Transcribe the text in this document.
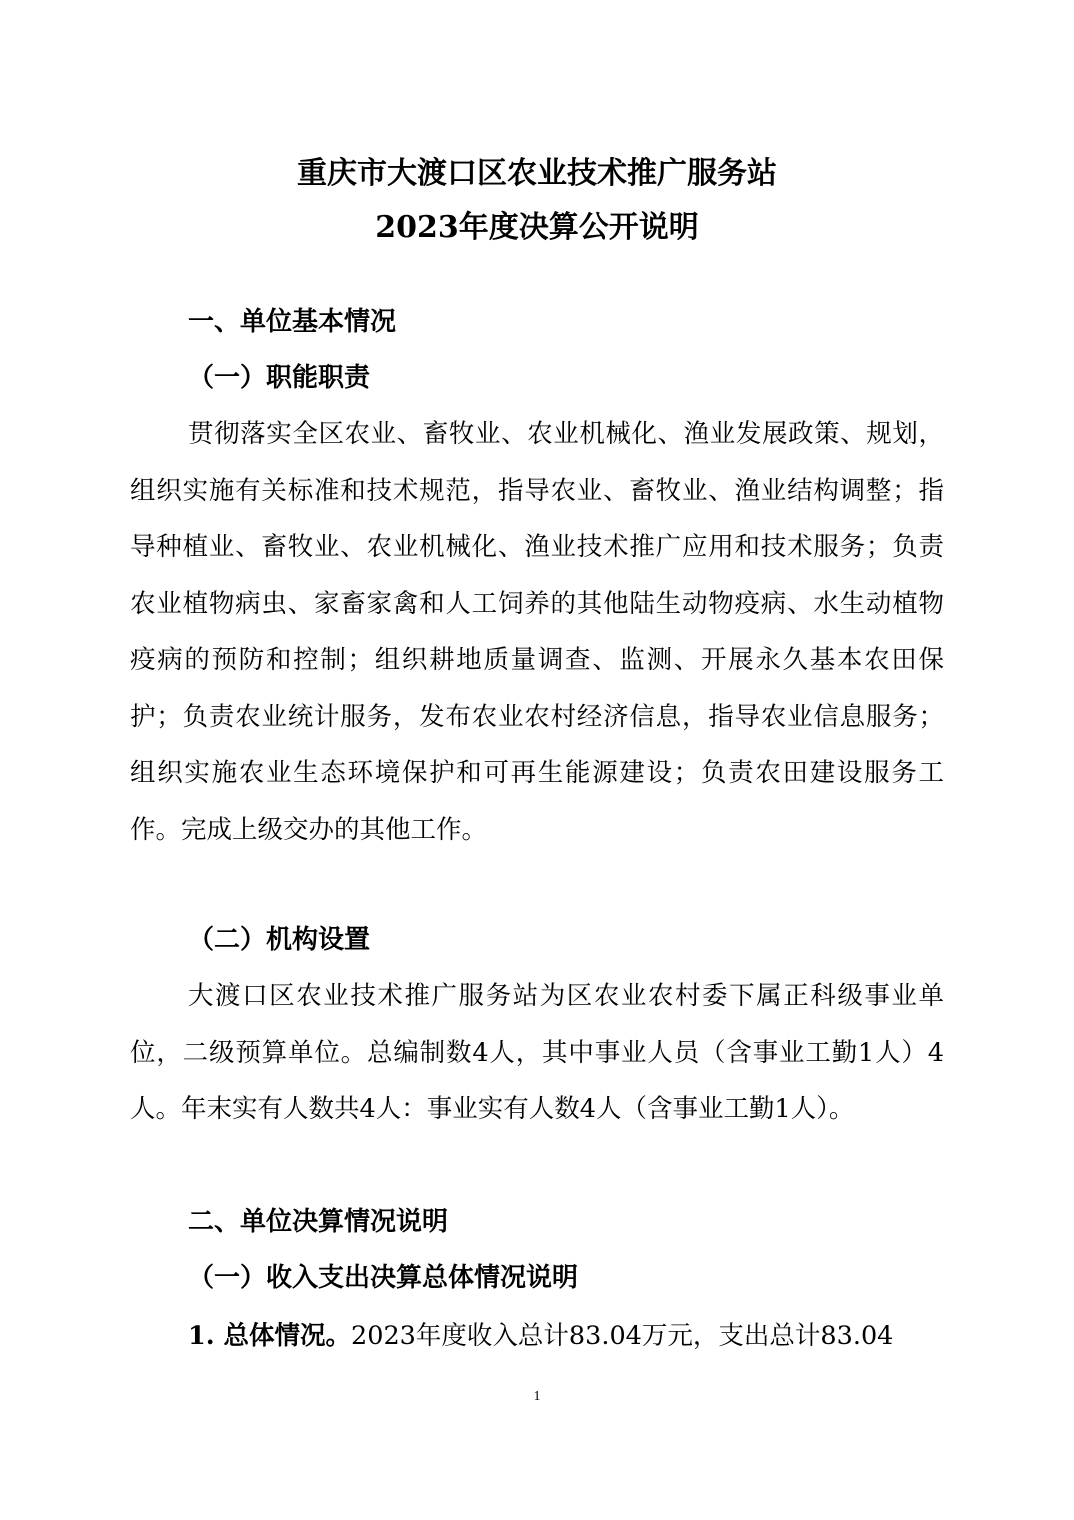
重庆市大渡口区农业技术推广服务站
2023年度决算公开说明
一、单位基本情况
（一）职能职责

贯彻落实全区农业、畜牧业、农业机械化、渔业发展政策、规划，组织实施有关标准和技术规范，指导农业、畜牧业、渔业结构调整；指导种植业、畜牧业、农业机械化、渔业技术推广应用和技术服务；负责农业植物病虫、家畜家禽和人工饲养的其他陆生动物疫病、水生动植物疫病的预防和控制；组织耕地质量调查、监测、开展永久基本农田保护；负责农业统计服务，发布农业农村经济信息，指导农业信息服务；组织实施农业生态环境保护和可再生能源建设；负责农田建设服务工作。完成上级交办的其他工作。

（二）机构设置

大渡口区农业技术推广服务站为区农业农村委下属正科级事业单位，二级预算单位。总编制数4人，其中事业人员（含事业工勤1人）4人。年末实有人数共4人：事业实有人数4人（含事业工勤1人）。

二、单位决算情况说明
（一）收入支出决算总体情况说明
1. 总体情况。2023年度收入总计83.04万元，支出总计83.04
1
